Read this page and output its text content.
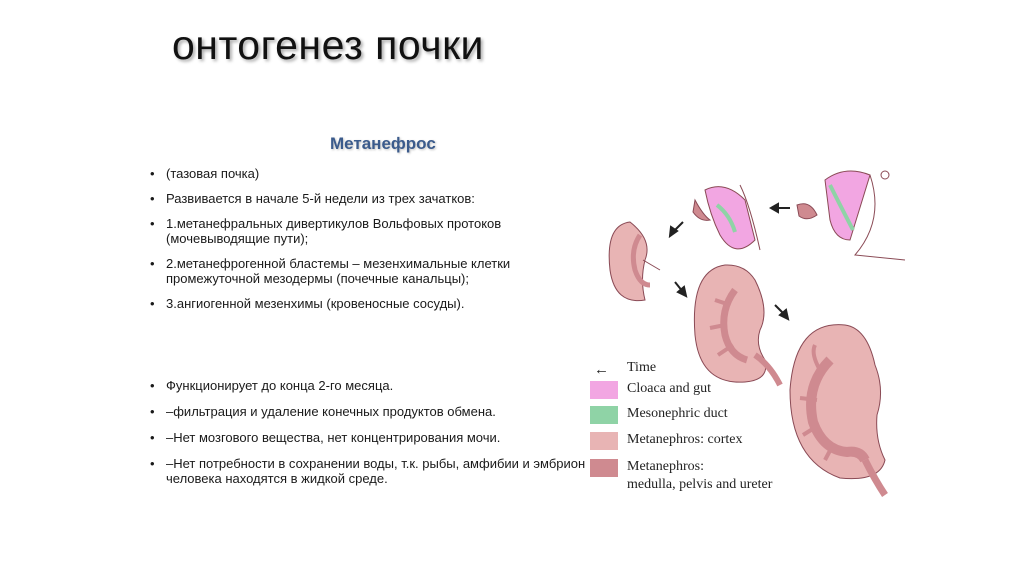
онтогенез почки
Метанефрос
• (тазовая почка)
• Развивается в начале 5-й недели из трех зачатков:
• 1.метанефральных дивертикулов Вольфовых протоков (мочевыводящие пути);
• 2.метанефрогенной бластемы – мезенхимальные клетки промежуточной мезодермы (почечные канальцы);
• 3.ангиогенной мезенхимы (кровеносные сосуды).
• Функционирует до конца 2-го месяца.
• –фильтрация и удаление конечных продуктов обмена.
• –Нет мозгового вещества, нет концентрирования мочи.
• –Нет потребности в сохранении воды, т.к. рыбы, амфибии и эмбрион человека находятся в жидкой среде.
← Time
Cloaca and gut
Mesonephric duct
Metanephros: cortex
Metanephros:
medulla, pelvis and ureter
